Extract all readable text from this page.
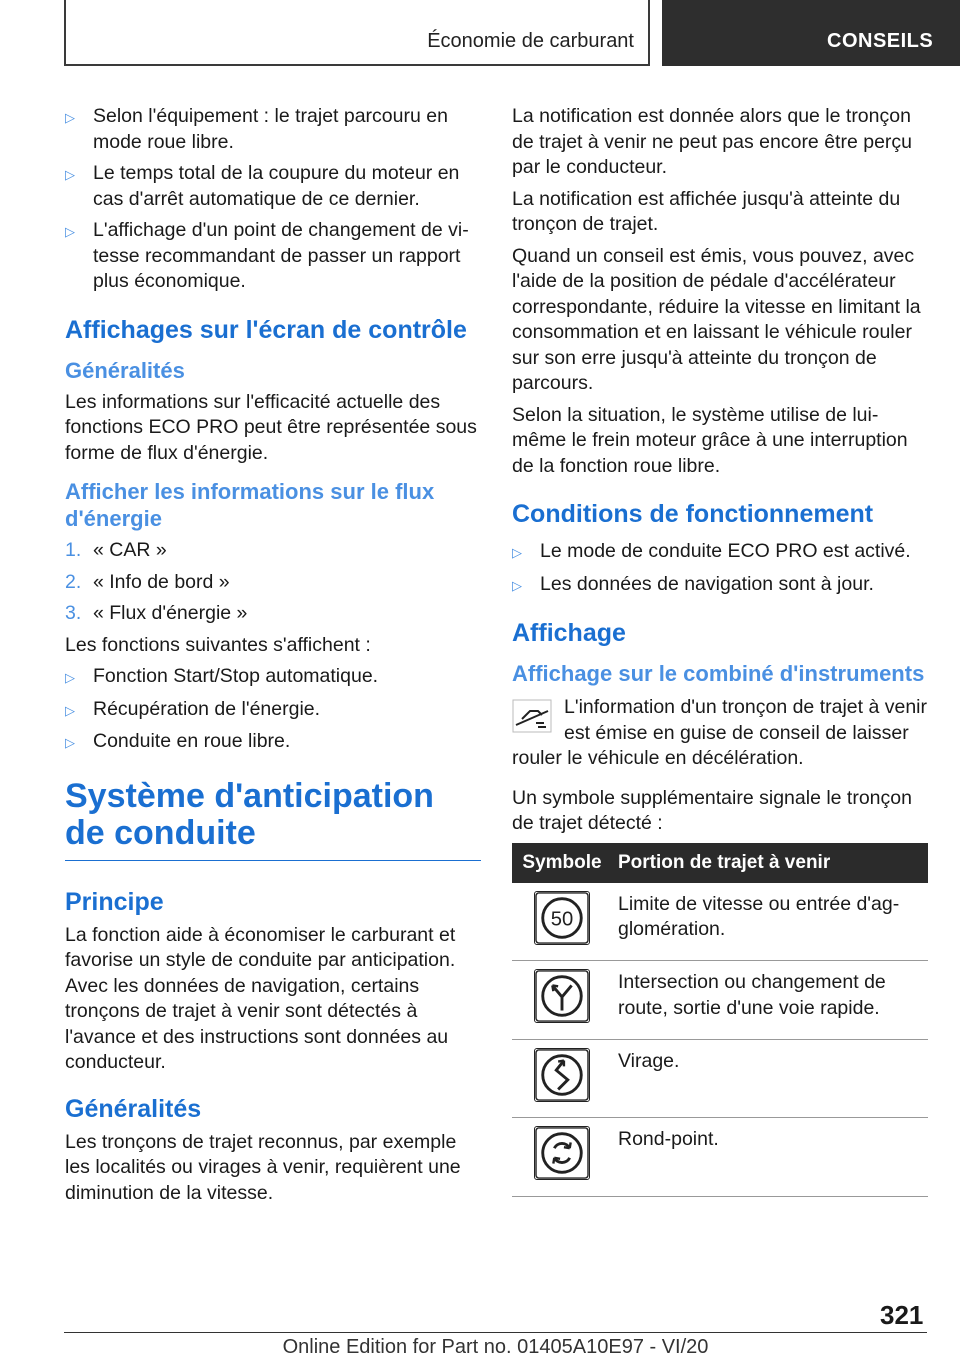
Économie de carburant	CONSEILS
▷ Selon l'équipement : le trajet parcouru en mode roue libre.
▷ Le temps total de la coupure du moteur en cas d'arrêt automatique de ce dernier.
▷ L'affichage d'un point de changement de vitesse recommandant de passer un rapport plus économique.
Affichages sur l'écran de contrôle
Généralités
Les informations sur l'efficacité actuelle des fonctions ECO PRO peut être représentée sous forme de flux d'énergie.
Afficher les informations sur le flux d'énergie
1. « CAR »
2. « Info de bord »
3. « Flux d'énergie »
Les fonctions suivantes s'affichent :
▷ Fonction Start/Stop automatique.
▷ Récupération de l'énergie.
▷ Conduite en roue libre.
Système d'anticipation de conduite
Principe
La fonction aide à économiser le carburant et favorise un style de conduite par anticipation. Avec les données de navigation, certains tronçons de trajet à venir sont détectés à l'avance et des instructions sont données au conducteur.
Généralités
Les tronçons de trajet reconnus, par exemple les localités ou virages à venir, requièrent une diminution de la vitesse.
La notification est donnée alors que le tronçon de trajet à venir ne peut pas encore être perçu par le conducteur.
La notification est affichée jusqu'à atteinte du tronçon de trajet.
Quand un conseil est émis, vous pouvez, avec l'aide de la position de pédale d'accélérateur correspondante, réduire la vitesse en limitant la consommation et en laissant le véhicule rouler sur son erre jusqu'à atteinte du tronçon de parcours.
Selon la situation, le système utilise de lui-même le frein moteur grâce à une interruption de la fonction roue libre.
Conditions de fonctionnement
▷ Le mode de conduite ECO PRO est activé.
▷ Les données de navigation sont à jour.
Affichage
Affichage sur le combiné d'instruments
L'information d'un tronçon de trajet à venir est émise en guise de conseil de laisser
rouler le véhicule en décélération.
Un symbole supplémentaire signale le tronçon de trajet détecté :
Symbole	Portion de trajet à venir

50	Limite de vitesse ou entrée d'agglomération.
	Intersection ou changement de route, sortie d'une voie rapide.
	Virage.
	Rond-point.
321
Online Edition for Part no. 01405A10E97 - VI/20
